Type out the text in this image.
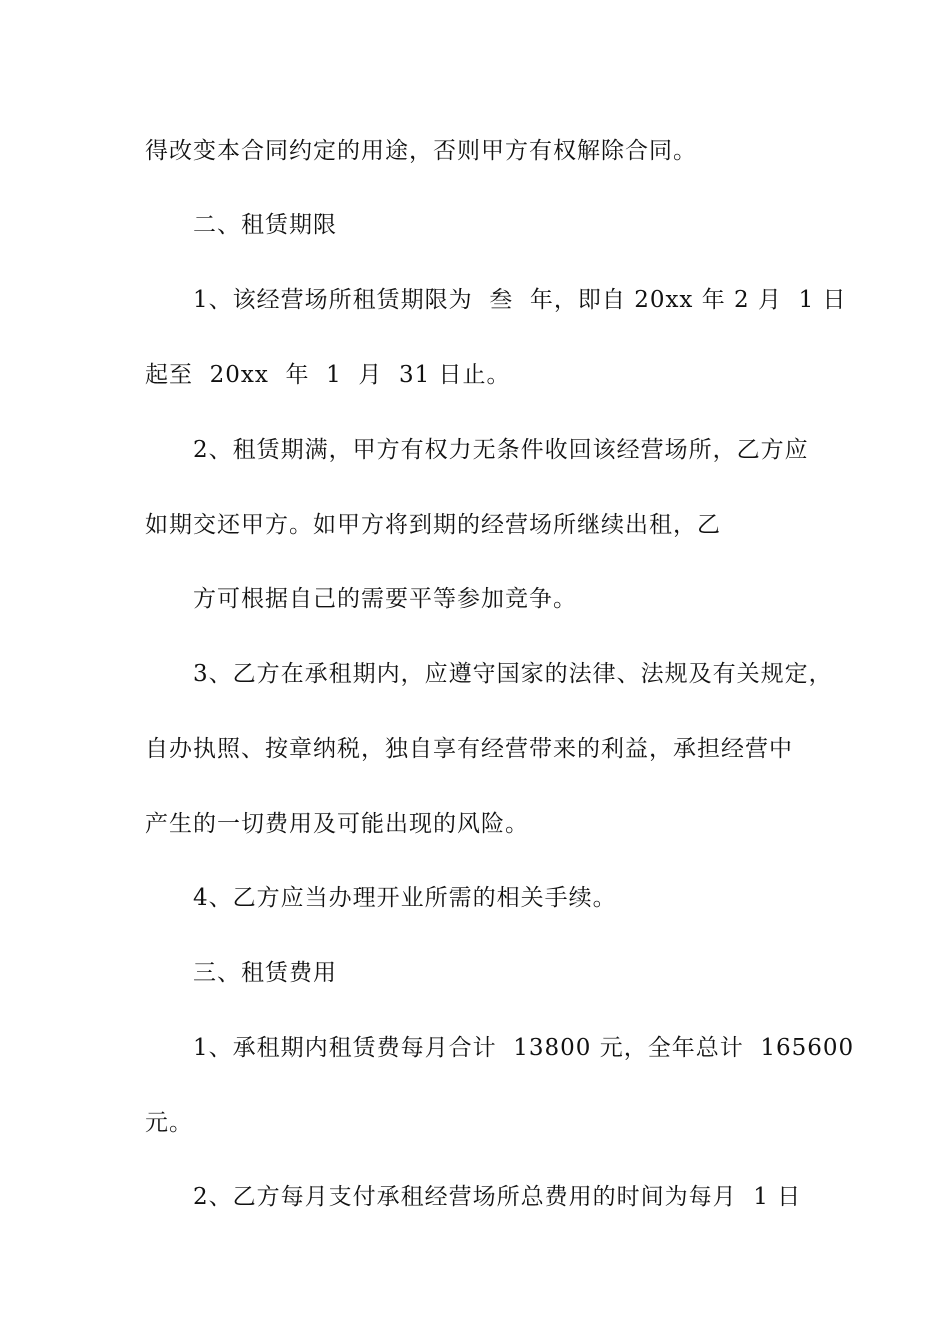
得改变本合同约定的用途，否则甲方有权解除合同。
二、租赁期限
1、该经营场所租赁期限为  叁  年，即自 20xx 年 2 月  1 日
起至  20xx  年  1  月  31 日止。
2、租赁期满，甲方有权力无条件收回该经营场所，乙方应
如期交还甲方。如甲方将到期的经营场所继续出租，乙
方可根据自己的需要平等参加竞争。
3、乙方在承租期内，应遵守国家的法律、法规及有关规定，
自办执照、按章纳税，独自享有经营带来的利益，承担经营中
产生的一切费用及可能出现的风险。
4、乙方应当办理开业所需的相关手续。
三、租赁费用
1、承租期内租赁费每月合计  13800 元，全年总计  165600
元。
2、乙方每月支付承租经营场所总费用的时间为每月  1 日
